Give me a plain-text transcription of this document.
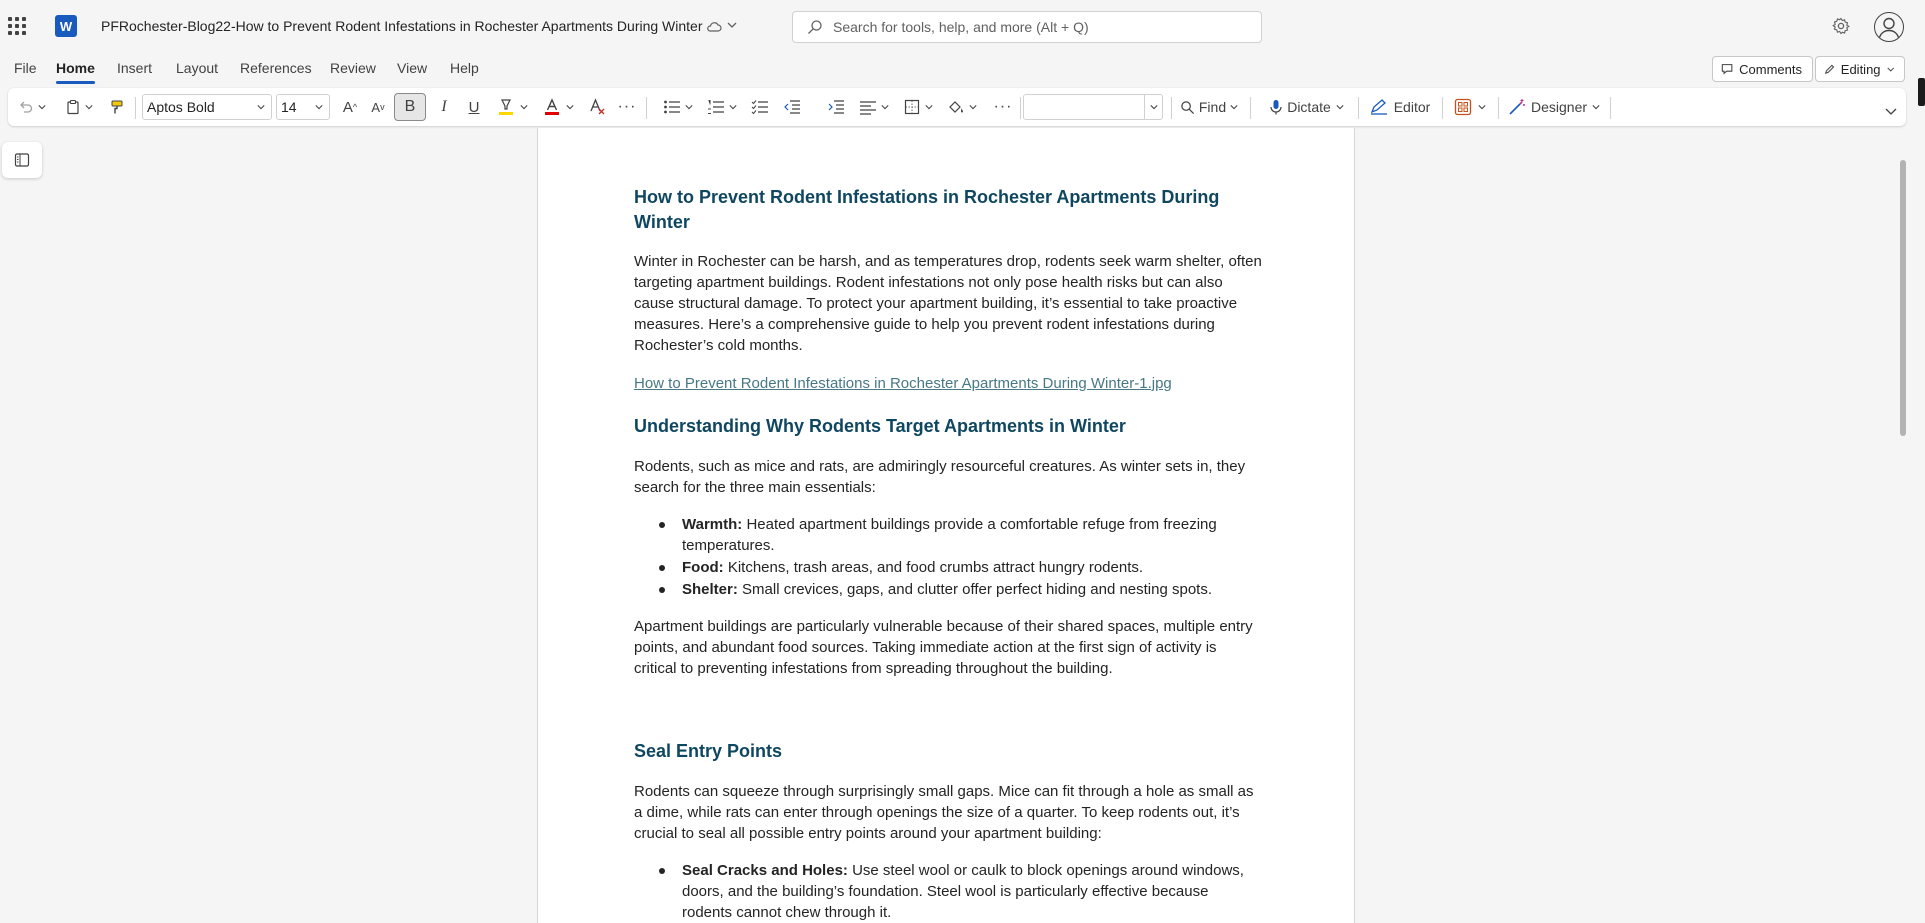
W	PFRochester-Blog22-How to Prevent Rodent Infestations in Rochester Apartments During Winter
Search for tools, help, and more (Alt + Q)
File Home Insert Layout References Review View Help	Comments	Editing
Aptos Bold	14	A ^	A v	B	I	U	···	···	Find	Dictate	Editor	Designer
How to Prevent Rodent Infestations in Rochester Apartments During Winter
Winter in Rochester can be harsh, and as temperatures drop, rodents seek warm shelter, often targeting apartment buildings. Rodent infestations not only pose health risks but can also cause structural damage. To protect your apartment building, it’s essential to take proactive measures. Here’s a comprehensive guide to help you prevent rodent infestations during Rochester’s cold months.
How to Prevent Rodent Infestations in Rochester Apartments During Winter-1.jpg
Understanding Why Rodents Target Apartments in Winter
Rodents, such as mice and rats, are admiringly resourceful creatures. As winter sets in, they search for the three main essentials:
Warmth: Heated apartment buildings provide a comfortable refuge from freezing temperatures.
Food: Kitchens, trash areas, and food crumbs attract hungry rodents.
Shelter: Small crevices, gaps, and clutter offer perfect hiding and nesting spots.
Apartment buildings are particularly vulnerable because of their shared spaces, multiple entry points, and abundant food sources. Taking immediate action at the first sign of activity is critical to preventing infestations from spreading throughout the building.
Seal Entry Points
Rodents can squeeze through surprisingly small gaps. Mice can fit through a hole as small as a dime, while rats can enter through openings the size of a quarter. To keep rodents out, it’s crucial to seal all possible entry points around your apartment building:
Seal Cracks and Holes: Use steel wool or caulk to block openings around windows, doors, and the building’s foundation. Steel wool is particularly effective because rodents cannot chew through it.
